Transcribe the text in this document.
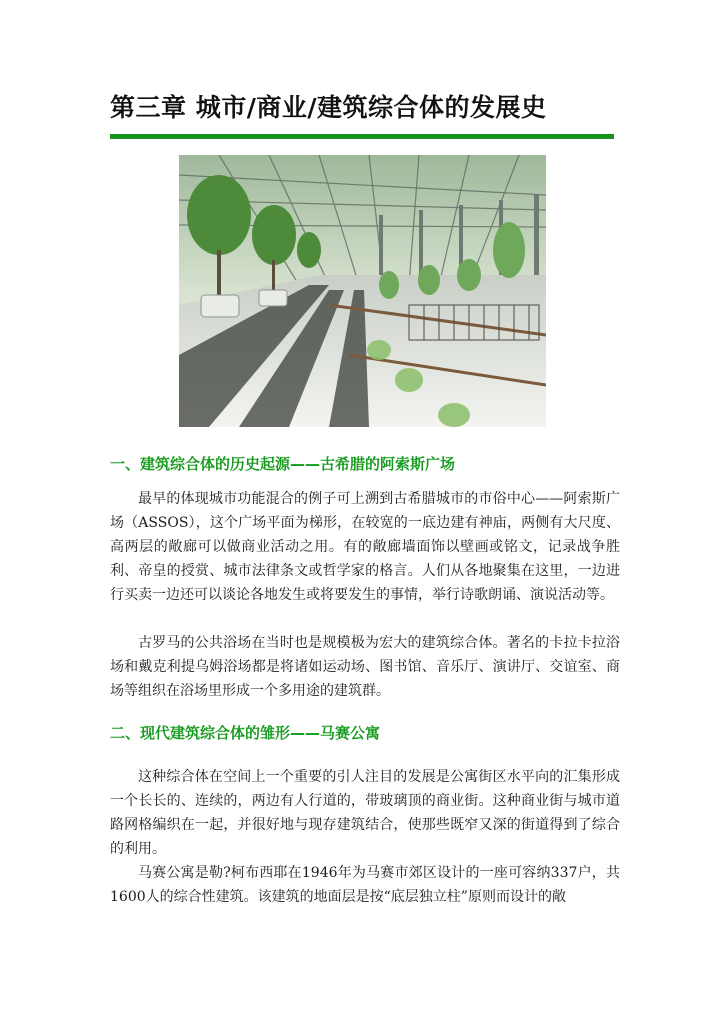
第三章 城市/商业/建筑综合体的发展史
一、建筑综合体的历史起源——古希腊的阿索斯广场

最早的体现城市功能混合的例子可上溯到古希腊城市的市俗中心——阿索斯广场（ASSOS），这个广场平面为梯形，在较宽的一底边建有神庙，两侧有大尺度、高两层的敞廊可以做商业活动之用。有的敞廊墙面饰以壁画或铭文，记录战争胜利、帝皇的授赏、城市法律条文或哲学家的格言。人们从各地聚集在这里，一边进行买卖一边还可以谈论各地发生或将要发生的事情，举行诗歌朗诵、演说活动等。

古罗马的公共浴场在当时也是规模极为宏大的建筑综合体。著名的卡拉卡拉浴场和戴克利提乌姆浴场都是将诸如运动场、图书馆、音乐厅、演讲厅、交谊室、商场等组织在浴场里形成一个多用途的建筑群。

二、现代建筑综合体的雏形——马赛公寓

这种综合体在空间上一个重要的引人注目的发展是公寓街区水平向的汇集形成一个长长的、连续的，两边有人行道的，带玻璃顶的商业街。这种商业街与城市道路网格编织在一起，并很好地与现存建筑结合，使那些既窄又深的街道得到了综合的利用。

马赛公寓是勒?柯布西耶在1946年为马赛市郊区设计的一座可容纳337户，共1600人的综合性建筑。该建筑的地面层是按“底层独立柱”原则而设计的敞
